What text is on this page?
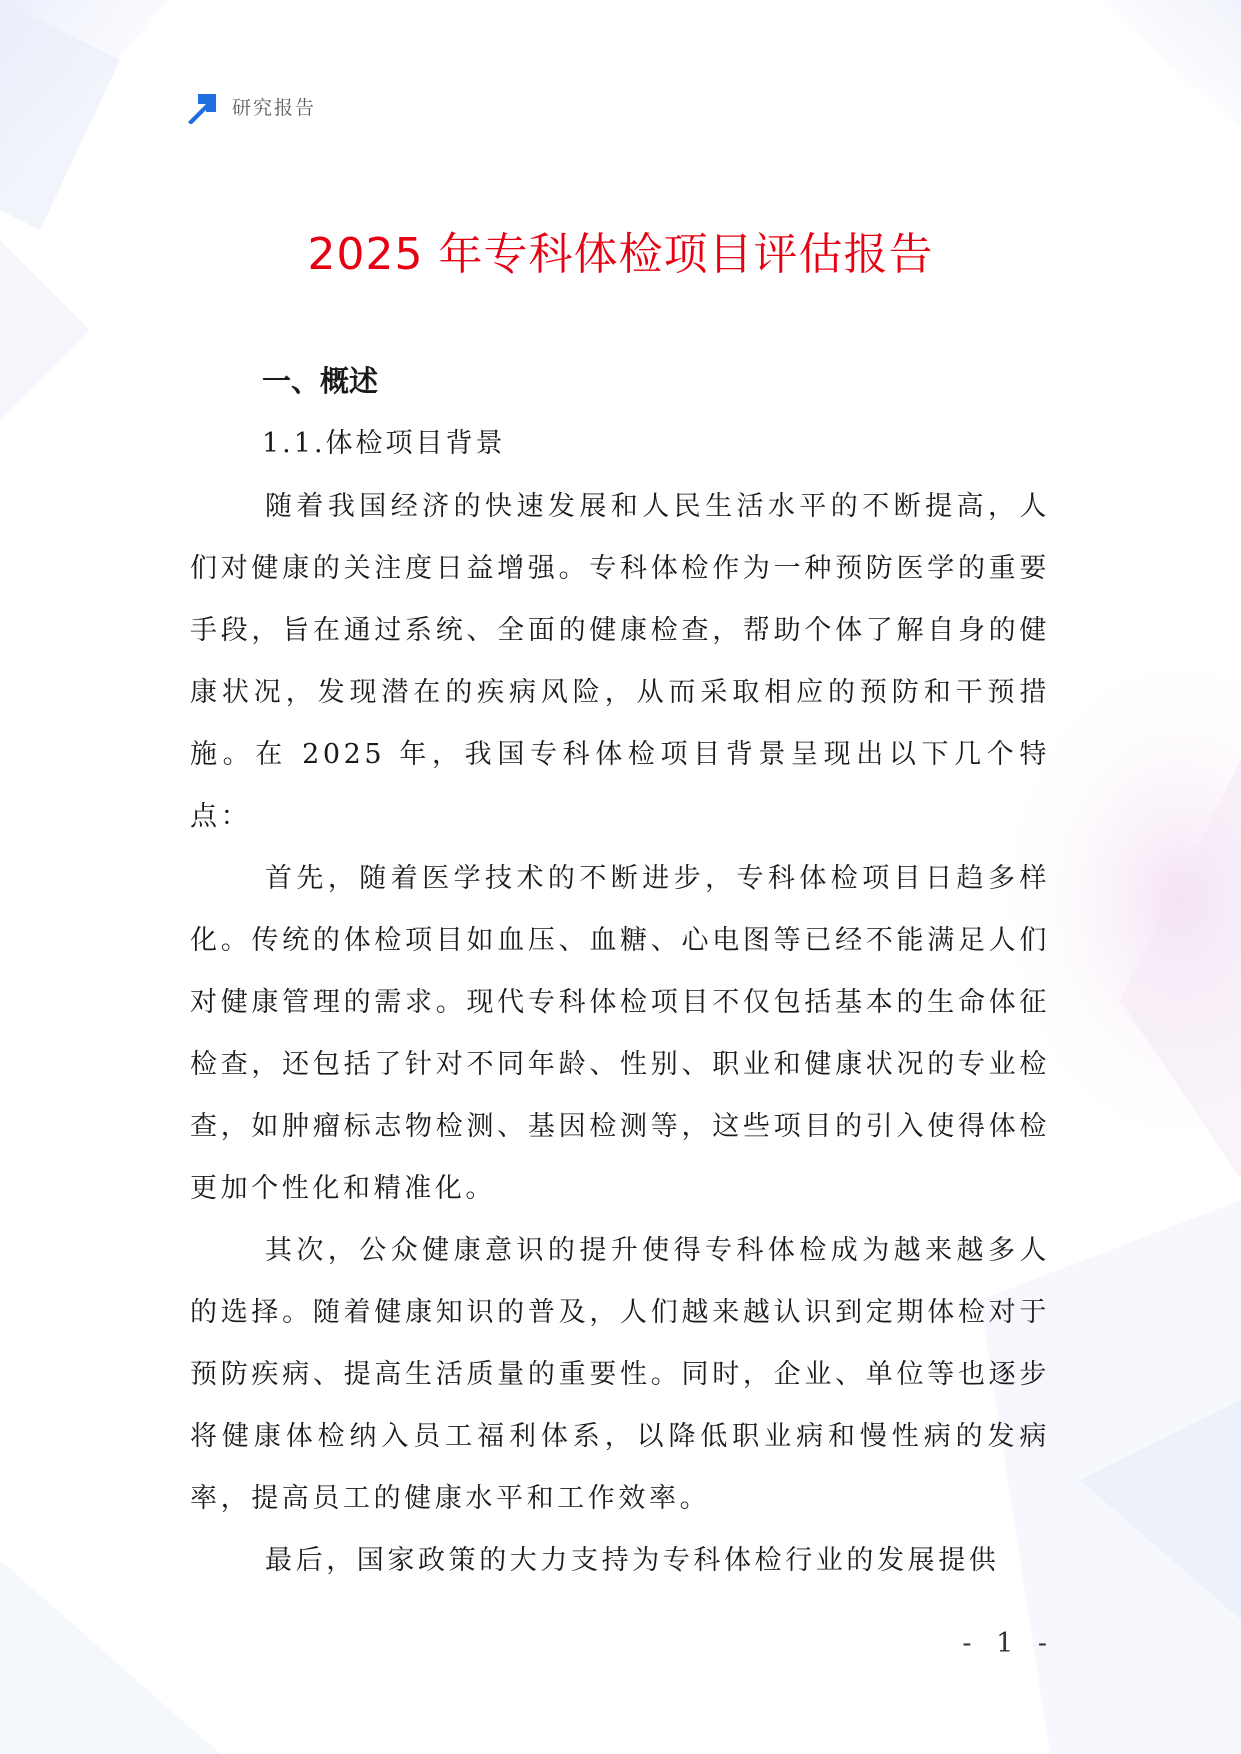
研究报告
2025 年专科体检项目评估报告
一、概述
1.1.体检项目背景

随着我国经济的快速发展和人民生活水平的不断提高，人们对健康的关注度日益增强。专科体检作为一种预防医学的重要手段，旨在通过系统、全面的健康检查，帮助个体了解自身的健康状况，发现潜在的疾病风险，从而采取相应的预防和干预措施。在 2025 年，我国专科体检项目背景呈现出以下几个特点：

首先，随着医学技术的不断进步，专科体检项目日趋多样化。传统的体检项目如血压、血糖、心电图等已经不能满足人们对健康管理的需求。现代专科体检项目不仅包括基本的生命体征检查，还包括了针对不同年龄、性别、职业和健康状况的专业检查，如肿瘤标志物检测、基因检测等，这些项目的引入使得体检更加个性化和精准化。

其次，公众健康意识的提升使得专科体检成为越来越多人的选择。随着健康知识的普及，人们越来越认识到定期体检对于预防疾病、提高生活质量的重要性。同时，企业、单位等也逐步将健康体检纳入员工福利体系，以降低职业病和慢性病的发病率，提高员工的健康水平和工作效率。

最后，国家政策的大力支持为专科体检行业的发展提供

- 1 -
